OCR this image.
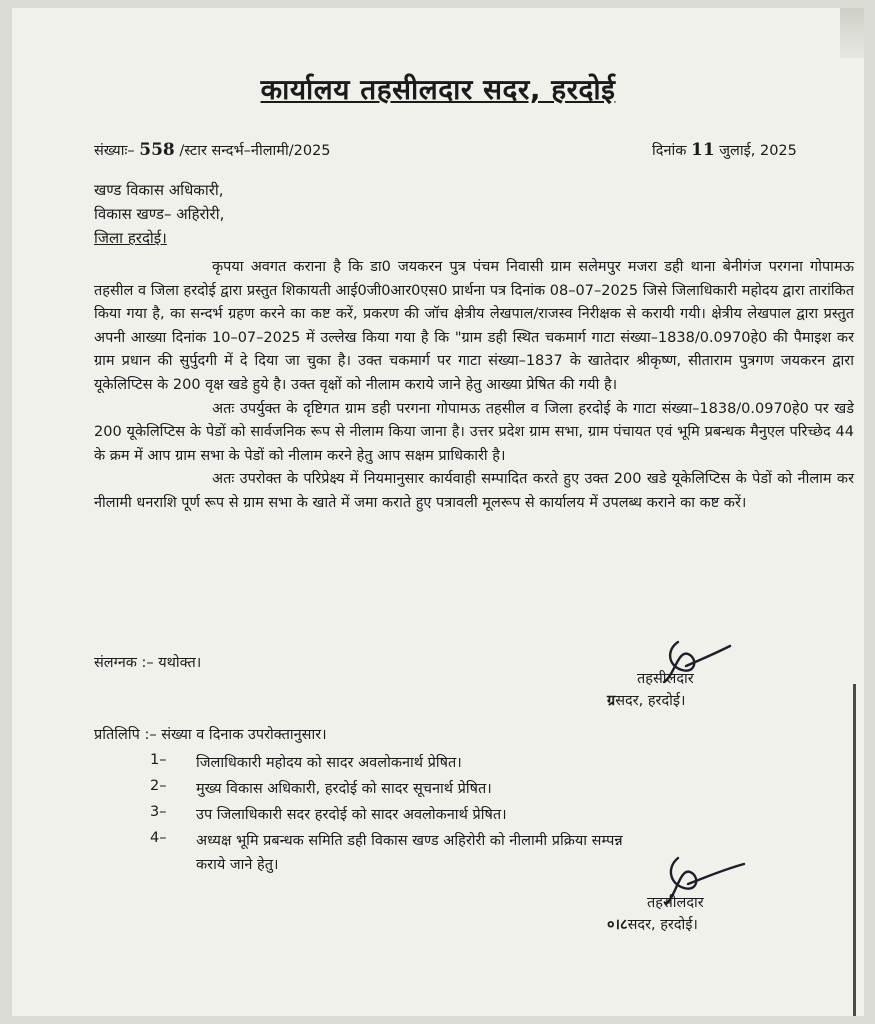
कार्यालय तहसीलदार सदर, हरदोई
संख्याः– 558 /स्टार सन्दर्भ–नीलामी/2025	दिनांक 11 जुलाई, 2025
खण्ड विकास अधिकारी,
विकास खण्ड– अहिरोरी,
जिला हरदोई।

कृपया अवगत कराना है कि डा0 जयकरन पुत्र पंचम निवासी ग्राम सलेमपुर मजरा डही थाना बेनीगंज परगना गोपामऊ तहसील व जिला हरदोई द्वारा प्रस्तुत शिकायती आई0जी0आर0एस0 प्रार्थना पत्र दिनांक 08–07–2025 जिसे जिलाधिकारी महोदय द्वारा तारांकित किया गया है, का सन्दर्भ ग्रहण करने का कष्ट करें, प्रकरण की जॉच क्षेत्रीय लेखपाल/राजस्व निरीक्षक से करायी गयी। क्षेत्रीय लेखपाल द्वारा प्रस्तुत अपनी आख्या दिनांक 10–07–2025 में उल्लेख किया गया है कि "ग्राम डही स्थित चकमार्ग गाटा संख्या–1838/0.0970हे0 की पैमाइश कर ग्राम प्रधान की सुर्पुदगी में दे दिया जा चुका है। उक्त चकमार्ग पर गाटा संख्या–1837 के खातेदार श्रीकृष्ण, सीताराम पुत्रगण जयकरन द्वारा यूकेलिप्टिस के 200 वृक्ष खडे हुये है। उक्त वृक्षों को नीलाम कराये जाने हेतु आख्या प्रेषित की गयी है।

अतः उपर्युक्त के दृष्टिगत ग्राम डही परगना गोपामऊ तहसील व जिला हरदोई के गाटा संख्या–1838/0.0970हे0 पर खडे 200 यूकेलिप्टिस के पेडों को सार्वजनिक रूप से नीलाम किया जाना है। उत्तर प्रदेश ग्राम सभा, ग्राम पंचायत एवं भूमि प्रबन्धक मैनुएल परिच्छेद 44 के क्रम में आप ग्राम सभा के पेडों को नीलाम करने हेतु आप सक्षम प्राधिकारी है।

अतः उपरोक्त के परिप्रेक्ष्य में नियमानुसार कार्यवाही सम्पादित करते हुए उक्त 200 खडे यूकेलिप्टिस के पेडों को नीलाम कर नीलामी धनराशि पूर्ण रूप से ग्राम सभा के खाते में जमा कराते हुए पत्रावली मूलरूप से कार्यालय में उपलब्ध कराने का कष्ट करें।

संलग्नक :– यथोक्त।
तहसीलदार
ग्रसदर, हरदोई।
प्रतिलिपि :– संख्या व दिनाक उपरोक्तानुसार।
1– जिलाधिकारी महोदय को सादर अवलोकनार्थ प्रेषित।
2– मुख्य विकास अधिकारी, हरदोई को सादर सूचनार्थ प्रेषित।
3– उप जिलाधिकारी सदर हरदोई को सादर अवलोकनार्थ प्रेषित।
4– अध्यक्ष भूमि प्रबन्धक समिति डही विकास खण्ड अहिरोरी को नीलामी प्रक्रिया सम्पन्न
कराये जाने हेतु।
तहसीलदार
०।८सदर, हरदोई।
